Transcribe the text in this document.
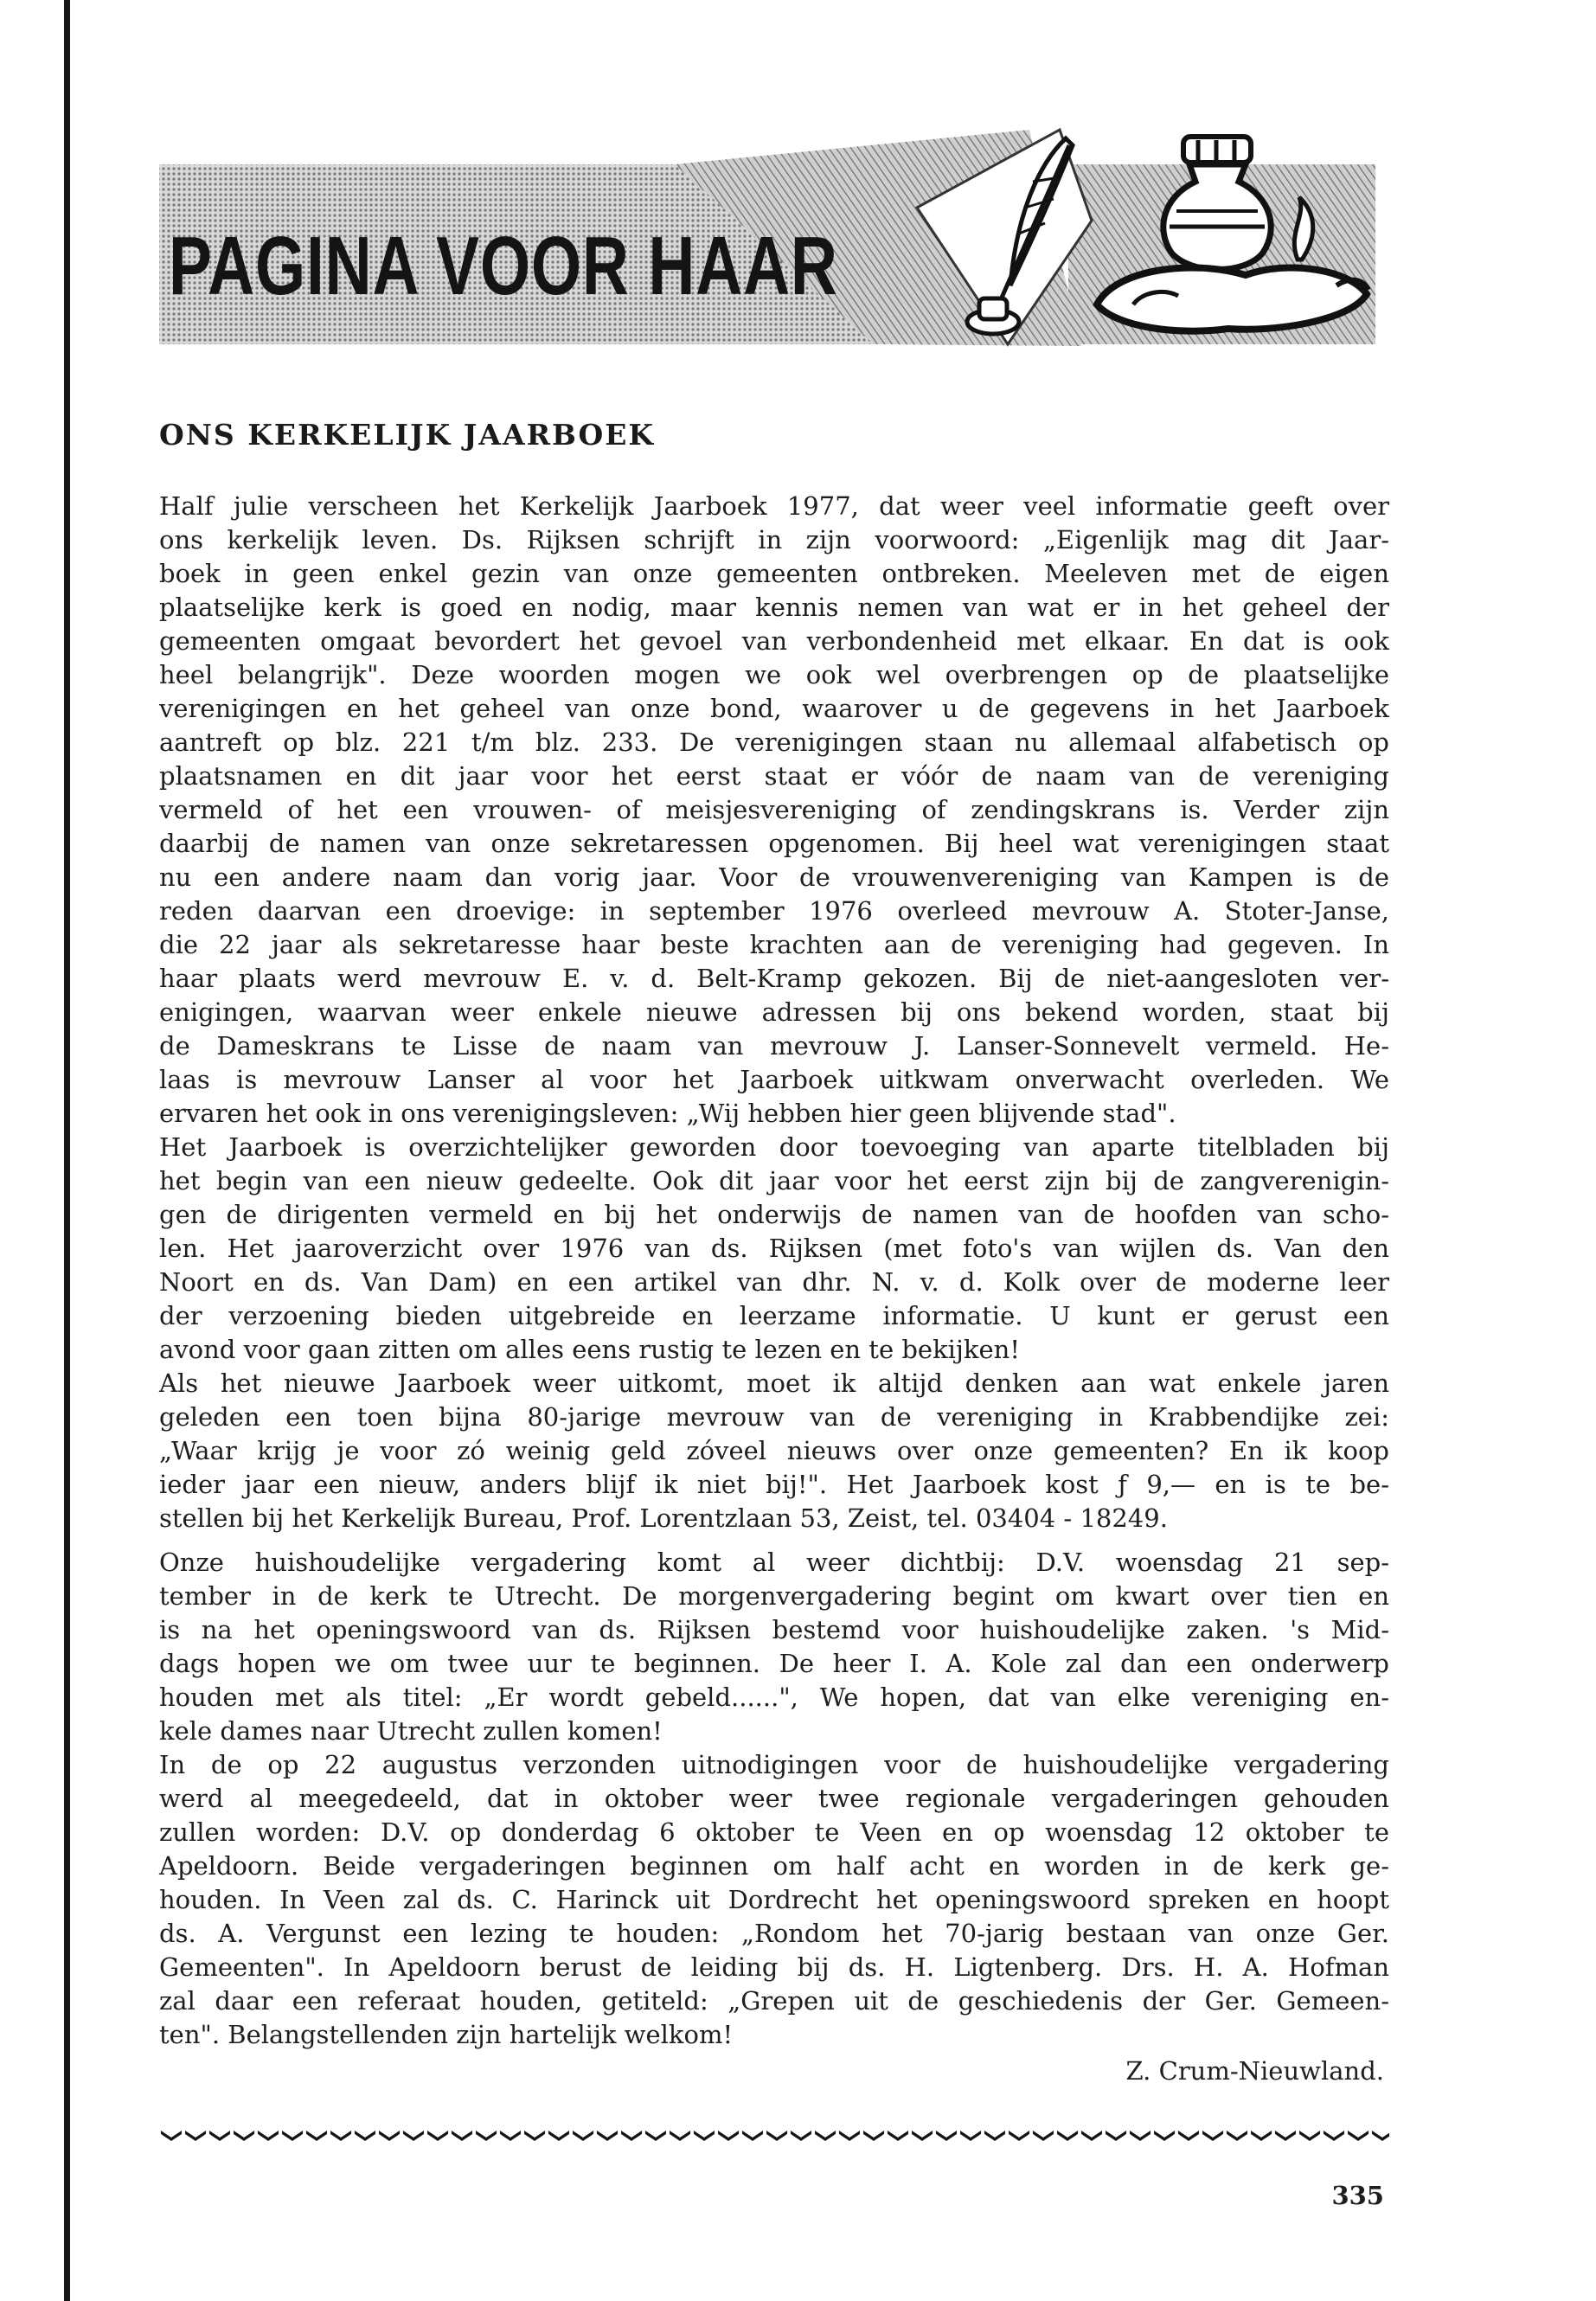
PAGINA VOOR HAAR
ONS KERKELIJK JAARBOEK
Half julie verscheen het Kerkelijk Jaarboek 1977, dat weer veel informatie geeft over
ons kerkelijk leven. Ds. Rijksen schrijft in zijn voorwoord: „Eigenlijk mag dit Jaar-
boek in geen enkel gezin van onze gemeenten ontbreken. Meeleven met de eigen
plaatselijke kerk is goed en nodig, maar kennis nemen van wat er in het geheel der
gemeenten omgaat bevordert het gevoel van verbondenheid met elkaar. En dat is ook
heel belangrijk". Deze woorden mogen we ook wel overbrengen op de plaatselijke
verenigingen en het geheel van onze bond, waarover u de gegevens in het Jaarboek
aantreft op blz. 221 t/m blz. 233. De verenigingen staan nu allemaal alfabetisch op
plaatsnamen en dit jaar voor het eerst staat er vóór de naam van de vereniging
vermeld of het een vrouwen- of meisjesvereniging of zendingskrans is. Verder zijn
daarbij de namen van onze sekretaressen opgenomen. Bij heel wat verenigingen staat
nu een andere naam dan vorig jaar. Voor de vrouwenvereniging van Kampen is de
reden daarvan een droevige: in september 1976 overleed mevrouw A. Stoter-Janse,
die 22 jaar als sekretaresse haar beste krachten aan de vereniging had gegeven. In
haar plaats werd mevrouw E. v. d. Belt-Kramp gekozen. Bij de niet-aangesloten ver-
enigingen, waarvan weer enkele nieuwe adressen bij ons bekend worden, staat bij
de Dameskrans te Lisse de naam van mevrouw J. Lanser-Sonnevelt vermeld. He-
laas is mevrouw Lanser al voor het Jaarboek uitkwam onverwacht overleden. We
ervaren het ook in ons verenigingsleven: „Wij hebben hier geen blijvende stad".
Het Jaarboek is overzichtelijker geworden door toevoeging van aparte titelbladen bij
het begin van een nieuw gedeelte. Ook dit jaar voor het eerst zijn bij de zangverenigin-
gen de dirigenten vermeld en bij het onderwijs de namen van de hoofden van scho-
len. Het jaaroverzicht over 1976 van ds. Rijksen (met foto's van wijlen ds. Van den
Noort en ds. Van Dam) en een artikel van dhr. N. v. d. Kolk over de moderne leer
der verzoening bieden uitgebreide en leerzame informatie. U kunt er gerust een
avond voor gaan zitten om alles eens rustig te lezen en te bekijken!
Als het nieuwe Jaarboek weer uitkomt, moet ik altijd denken aan wat enkele jaren
geleden een toen bijna 80-jarige mevrouw van de vereniging in Krabbendijke zei:
„Waar krijg je voor zó weinig geld zóveel nieuws over onze gemeenten? En ik koop
ieder jaar een nieuw, anders blijf ik niet bij!". Het Jaarboek kost ƒ 9,— en is te be-
stellen bij het Kerkelijk Bureau, Prof. Lorentzlaan 53, Zeist, tel. 03404 - 18249.
Onze huishoudelijke vergadering komt al weer dichtbij: D.V. woensdag 21 sep-
tember in de kerk te Utrecht. De morgenvergadering begint om kwart over tien en
is na het openingswoord van ds. Rijksen bestemd voor huishoudelijke zaken. 's Mid-
dags hopen we om twee uur te beginnen. De heer I. A. Kole zal dan een onderwerp
houden met als titel: „Er wordt gebeld......", We hopen, dat van elke vereniging en-
kele dames naar Utrecht zullen komen!
In de op 22 augustus verzonden uitnodigingen voor de huishoudelijke vergadering
werd al meegedeeld, dat in oktober weer twee regionale vergaderingen gehouden
zullen worden: D.V. op donderdag 6 oktober te Veen en op woensdag 12 oktober te
Apeldoorn. Beide vergaderingen beginnen om half acht en worden in de kerk ge-
houden. In Veen zal ds. C. Harinck uit Dordrecht het openingswoord spreken en hoopt
ds. A. Vergunst een lezing te houden: „Rondom het 70-jarig bestaan van onze Ger.
Gemeenten". In Apeldoorn berust de leiding bij ds. H. Ligtenberg. Drs. H. A. Hofman
zal daar een referaat houden, getiteld: „Grepen uit de geschiedenis der Ger. Gemeen-
ten". Belangstellenden zijn hartelijk welkom!

Z. Crum-Nieuwland.

335
